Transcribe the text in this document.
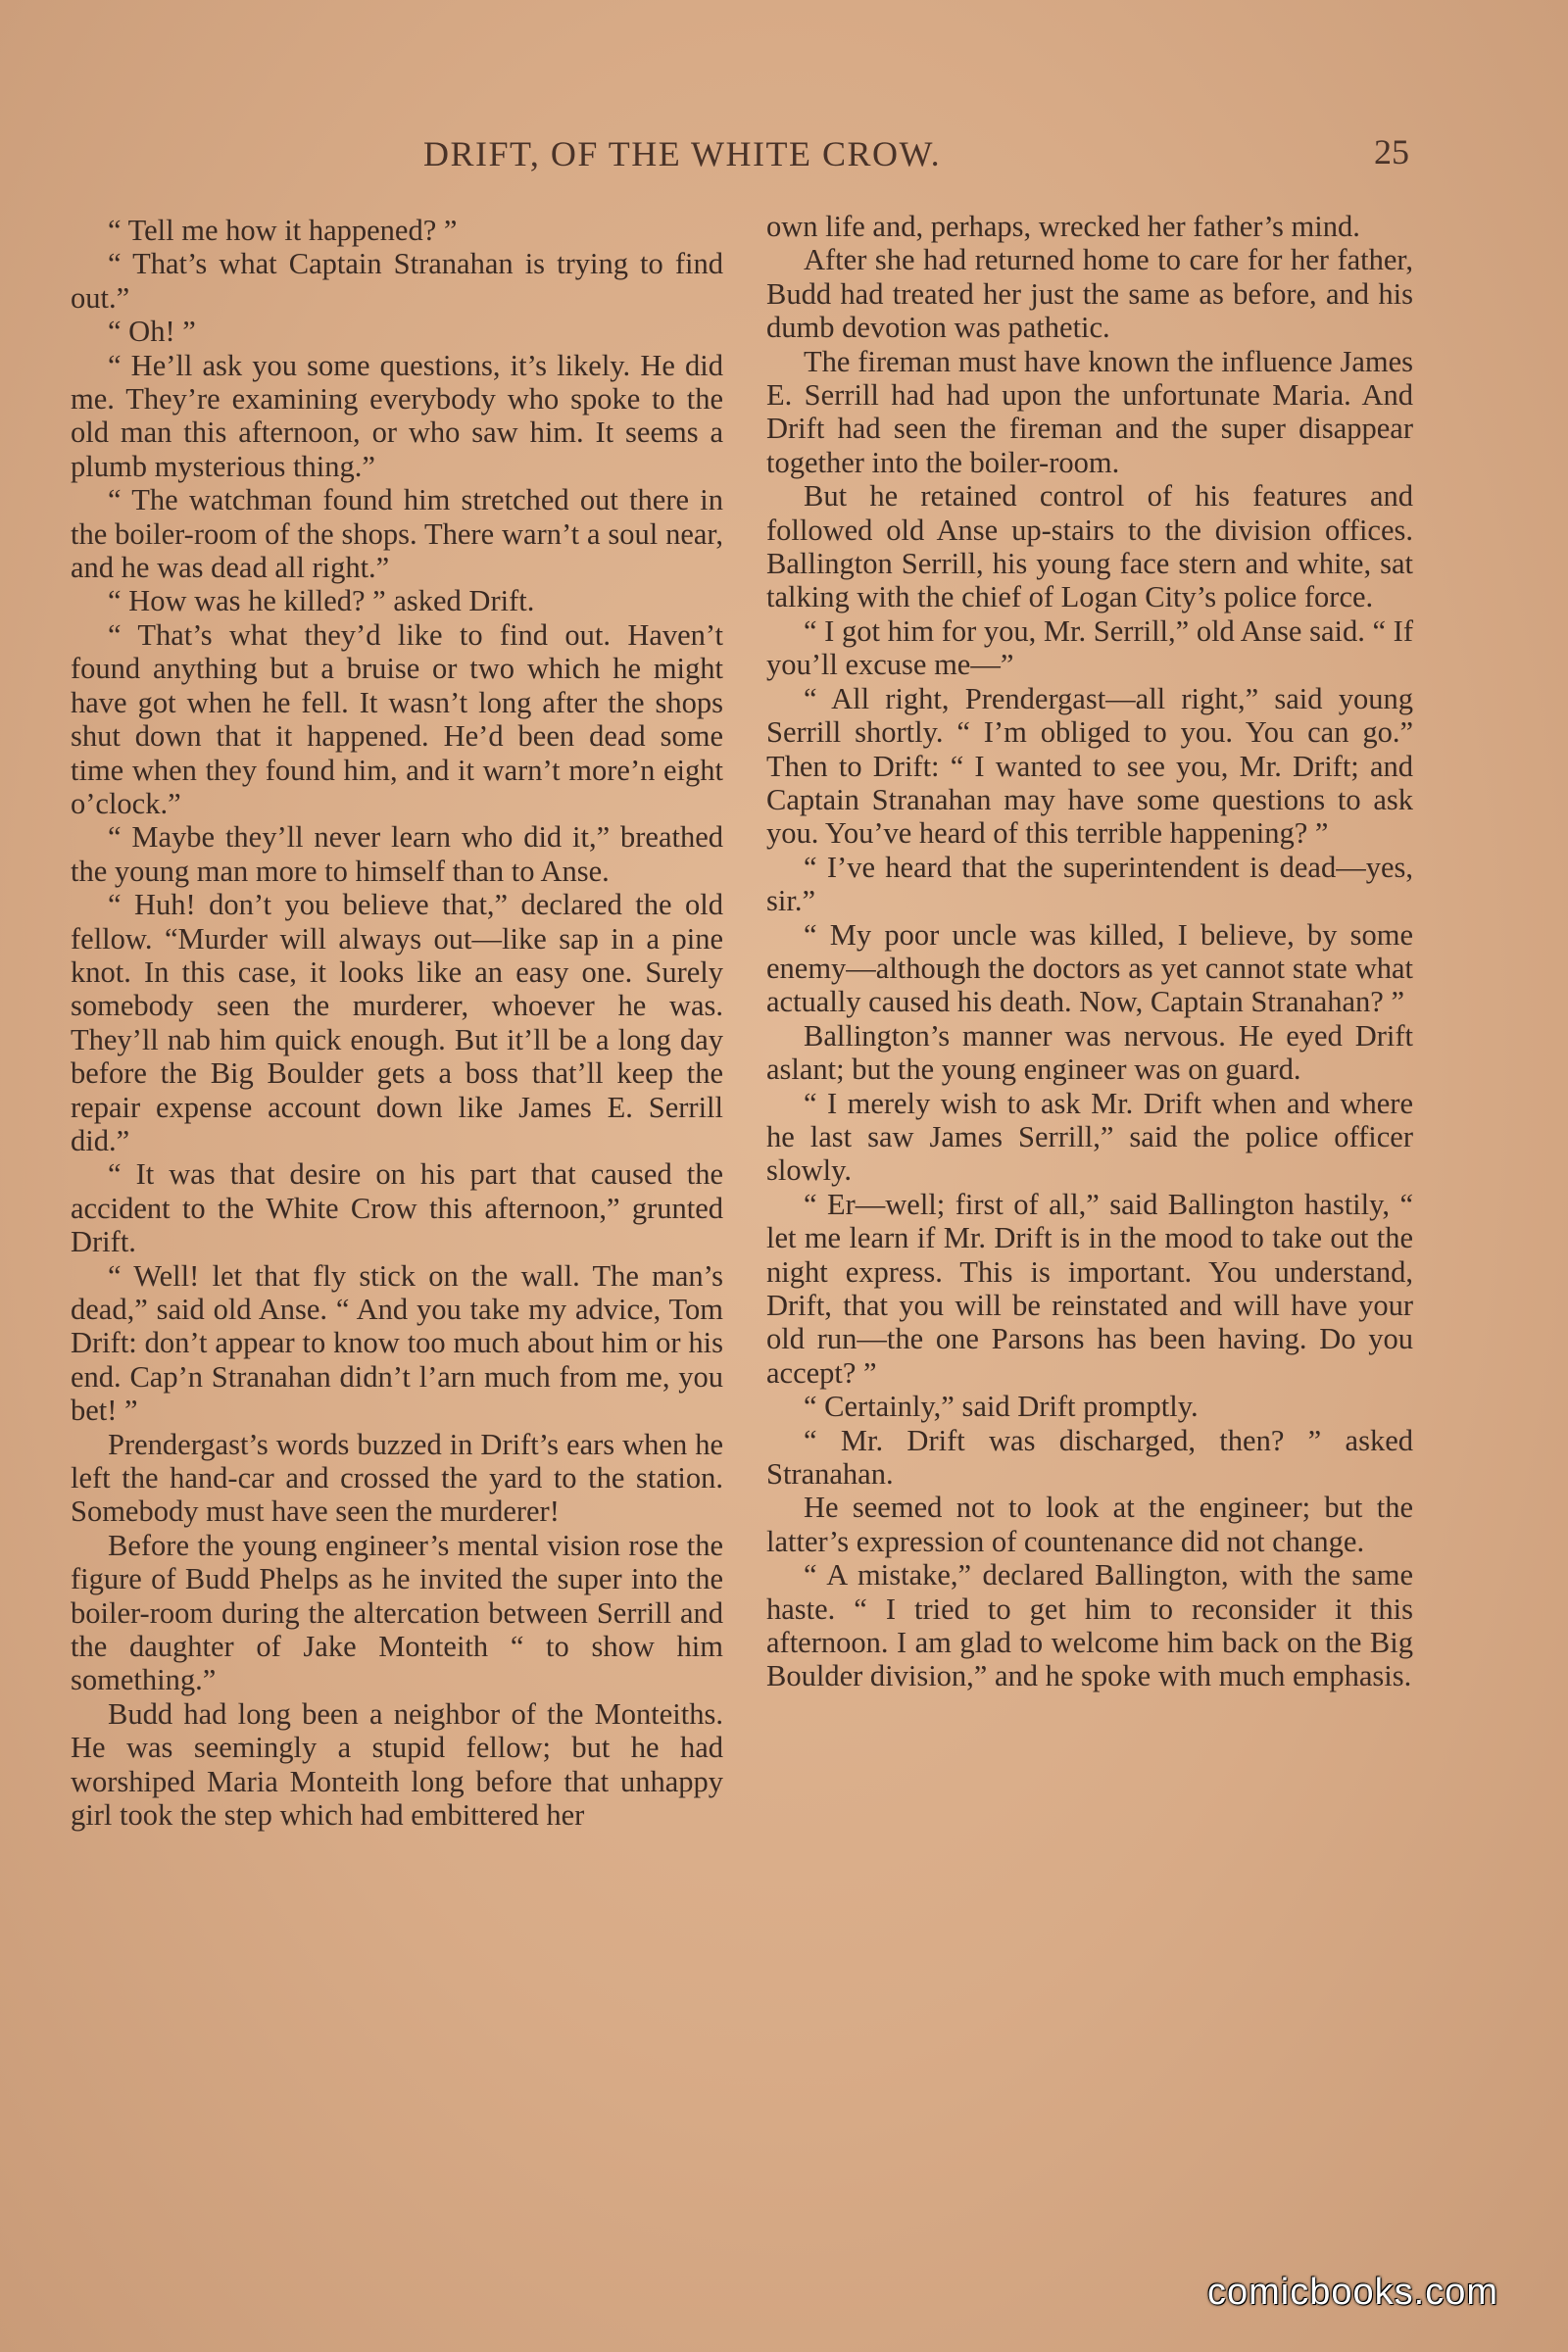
DRIFT, OF THE WHITE CROW.	25

“ Tell me how it happened? ”

“ That’s what Captain Stranahan is trying to find out.”

“ Oh! ”

“ He’ll ask you some questions, it’s likely. He did me. They’re examining everybody who spoke to the old man this afternoon, or who saw him. It seems a plumb mysterious thing.”

“ The watchman found him stretched out there in the boiler-room of the shops. There warn’t a soul near, and he was dead all right.”

“ How was he killed? ” asked Drift.

“ That’s what they’d like to find out. Haven’t found anything but a bruise or two which he might have got when he fell. It wasn’t long after the shops shut down that it happened. He’d been dead some time when they found him, and it warn’t more’n eight o’clock.”

“ Maybe they’ll never learn who did it,” breathed the young man more to himself than to Anse.

“ Huh! don’t you believe that,” declared the old fellow. “Murder will always out—like sap in a pine knot. In this case, it looks like an easy one. Surely somebody seen the murderer, whoever he was. They’ll nab him quick enough. But it’ll be a long day before the Big Boulder gets a boss that’ll keep the repair expense account down like James E. Serrill did.”

“ It was that desire on his part that caused the accident to the White Crow this afternoon,” grunted Drift.

“ Well! let that fly stick on the wall. The man’s dead,” said old Anse. “ And you take my advice, Tom Drift: don’t appear to know too much about him or his end. Cap’n Stranahan didn’t l’arn much from me, you bet! ”

Prendergast’s words buzzed in Drift’s ears when he left the hand-car and crossed the yard to the station. Somebody must have seen the murderer!

Before the young engineer’s mental vision rose the figure of Budd Phelps as he invited the super into the boiler-room during the altercation between Serrill and the daughter of Jake Monteith “ to show him something.”

Budd had long been a neighbor of the Monteiths. He was seemingly a stupid fellow; but he had worshiped Maria Monteith long before that unhappy girl took the step which had embittered her

own life and, perhaps, wrecked her father’s mind.

After she had returned home to care for her father, Budd had treated her just the same as before, and his dumb devotion was pathetic.

The fireman must have known the influence James E. Serrill had had upon the unfortunate Maria. And Drift had seen the fireman and the super disappear together into the boiler-room.

But he retained control of his features and followed old Anse up-stairs to the division offices. Ballington Serrill, his young face stern and white, sat talking with the chief of Logan City’s police force.

“ I got him for you, Mr. Serrill,” old Anse said. “ If you’ll excuse me—”

“ All right, Prendergast—all right,” said young Serrill shortly. “ I’m obliged to you. You can go.” Then to Drift: “ I wanted to see you, Mr. Drift; and Captain Stranahan may have some questions to ask you. You’ve heard of this terrible happening? ”

“ I’ve heard that the superintendent is dead—yes, sir.”

“ My poor uncle was killed, I believe, by some enemy—although the doctors as yet cannot state what actually caused his death. Now, Captain Stranahan? ”

Ballington’s manner was nervous. He eyed Drift aslant; but the young engineer was on guard.

“ I merely wish to ask Mr. Drift when and where he last saw James Serrill,” said the police officer slowly.

“ Er—well; first of all,” said Ballington hastily, “ let me learn if Mr. Drift is in the mood to take out the night express. This is important. You understand, Drift, that you will be reinstated and will have your old run—the one Parsons has been having. Do you accept? ”

“ Certainly,” said Drift promptly.

“ Mr. Drift was discharged, then? ” asked Stranahan.

He seemed not to look at the engineer; but the latter’s expression of countenance did not change.

“ A mistake,” declared Ballington, with the same haste. “ I tried to get him to reconsider it this afternoon. I am glad to welcome him back on the Big Boulder division,” and he spoke with much emphasis.

comicbooks.com
